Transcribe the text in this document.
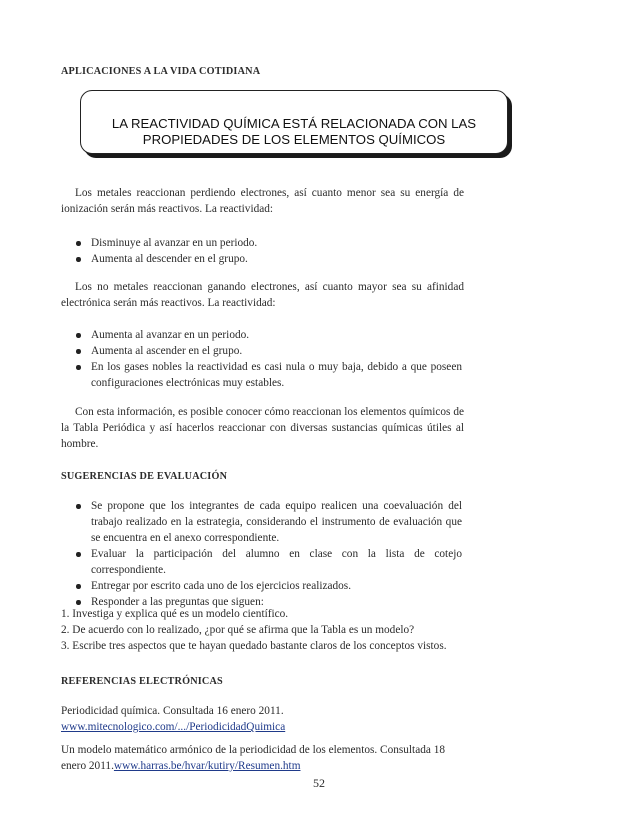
APLICACIONES A LA VIDA COTIDIANA
LA REACTIVIDAD QUÍMICA ESTÁ RELACIONADA CON LAS
PROPIEDADES DE LOS ELEMENTOS QUÍMICOS
Los metales reaccionan perdiendo electrones, así cuanto menor sea su energía de ionización serán más reactivos. La reactividad:
Disminuye al avanzar en un periodo.
Aumenta al descender en el grupo.
Los no metales reaccionan ganando electrones, así cuanto mayor sea su afinidad electrónica serán más reactivos. La reactividad:
Aumenta al avanzar en un periodo.
Aumenta al ascender en el grupo.
En los gases nobles la reactividad es casi nula o muy baja, debido a que poseen configuraciones electrónicas muy estables.
Con esta información, es posible conocer cómo reaccionan los elementos químicos de la Tabla Periódica y así hacerlos reaccionar con diversas sustancias químicas útiles al hombre.
SUGERENCIAS DE EVALUACIÓN
Se propone que los integrantes de cada equipo realicen una coevaluación del trabajo realizado en la estrategia, considerando el instrumento de evaluación que se encuentra en el anexo correspondiente.
Evaluar la participación del alumno en clase con la lista de cotejo correspondiente.
Entregar por escrito cada uno de los ejercicios realizados.
Responder a las preguntas que siguen:
1. Investiga y explica qué es un modelo científico.
2. De acuerdo con lo realizado, ¿por qué se afirma que la Tabla es un modelo?
3. Escribe tres aspectos que te hayan quedado bastante claros de los conceptos vistos.
REFERENCIAS ELECTRÓNICAS
Periodicidad química. Consultada 16 enero 2011.
www.mitecnologico.com/.../PeriodicidadQuimica
Un modelo matemático armónico de la periodicidad de los elementos. Consultada 18
enero 2011.www.harras.be/hvar/kutiry/Resumen.htm
52
